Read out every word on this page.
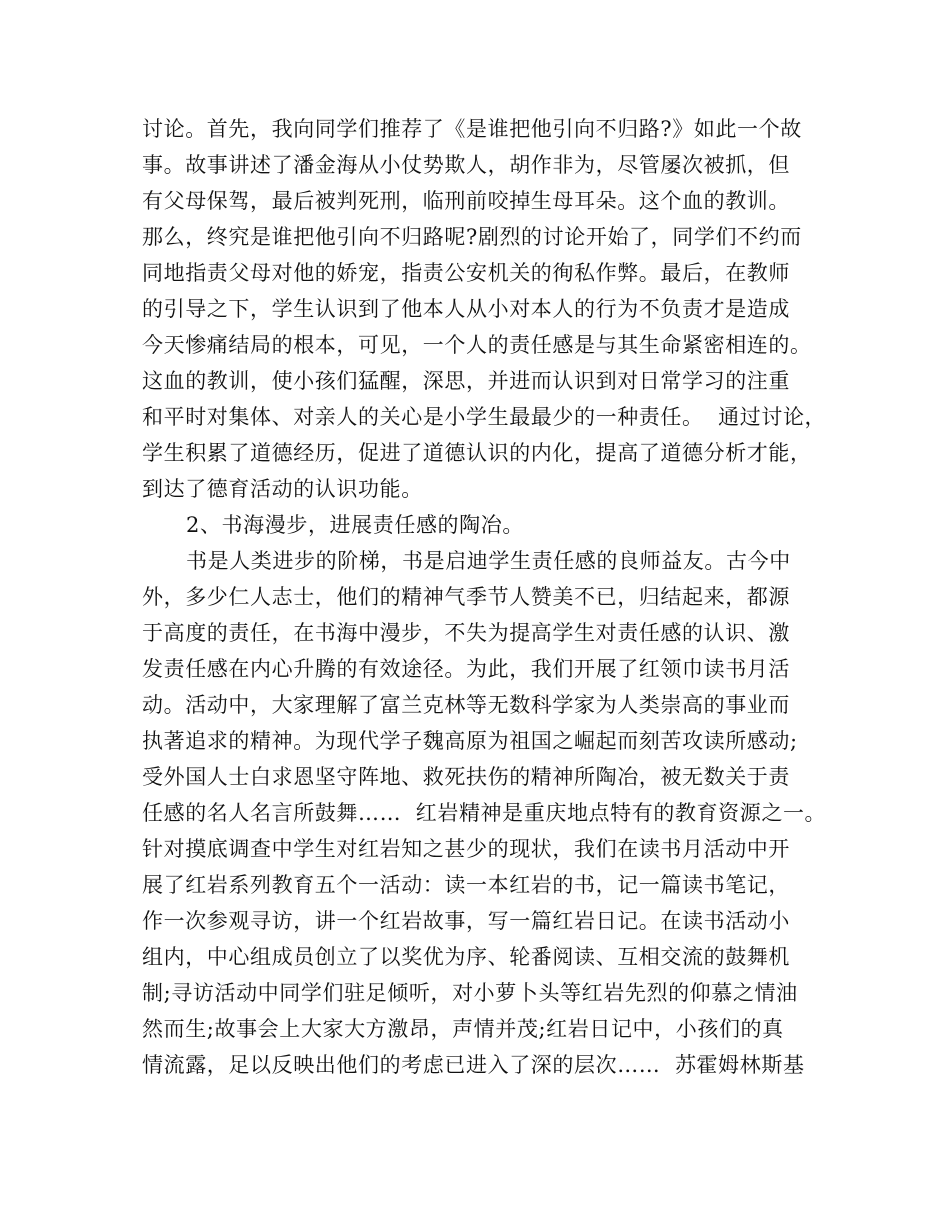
讨论。首先，我向同学们推荐了《是谁把他引向不归路?》如此一个故
事。故事讲述了潘金海从小仗势欺人，胡作非为，尽管屡次被抓，但
有父母保驾，最后被判死刑，临刑前咬掉生母耳朵。这个血的教训。
那么，终究是谁把他引向不归路呢?剧烈的讨论开始了，同学们不约而
同地指责父母对他的娇宠，指责公安机关的徇私作弊。最后，在教师
的引导之下，学生认识到了他本人从小对本人的行为不负责才是造成
今天惨痛结局的根本，可见，一个人的责任感是与其生命紧密相连的。
这血的教训，使小孩们猛醒，深思，并进而认识到对日常学习的注重
和平时对集体、对亲人的关心是小学生最最少的一种责任。  通过讨论，
学生积累了道德经历，促进了道德认识的内化，提高了道德分析才能，
到达了德育活动的认识功能。
2、书海漫步，进展责任感的陶冶。
书是人类进步的阶梯，书是启迪学生责任感的良师益友。古今中
外，多少仁人志士，他们的精神气季节人赞美不已，归结起来，都源
于高度的责任，在书海中漫步，不失为提高学生对责任感的认识、激
发责任感在内心升腾的有效途径。为此，我们开展了红领巾读书月活
动。活动中，大家理解了富兰克林等无数科学家为人类崇高的事业而
执著追求的精神。为现代学子魏高原为祖国之崛起而刻苦攻读所感动;
受外国人士白求恩坚守阵地、救死扶伤的精神所陶冶，被无数关于责
任感的名人名言所鼓舞……  红岩精神是重庆地点特有的教育资源之一。
针对摸底调查中学生对红岩知之甚少的现状，我们在读书月活动中开
展了红岩系列教育五个一活动：读一本红岩的书，记一篇读书笔记，
作一次参观寻访，讲一个红岩故事，写一篇红岩日记。在读书活动小
组内，中心组成员创立了以奖优为序、轮番阅读、互相交流的鼓舞机
制;寻访活动中同学们驻足倾听，对小萝卜头等红岩先烈的仰慕之情油
然而生;故事会上大家大方激昂，声情并茂;红岩日记中，小孩们的真
情流露，足以反映出他们的考虑已进入了深的层次……  苏霍姆林斯基
